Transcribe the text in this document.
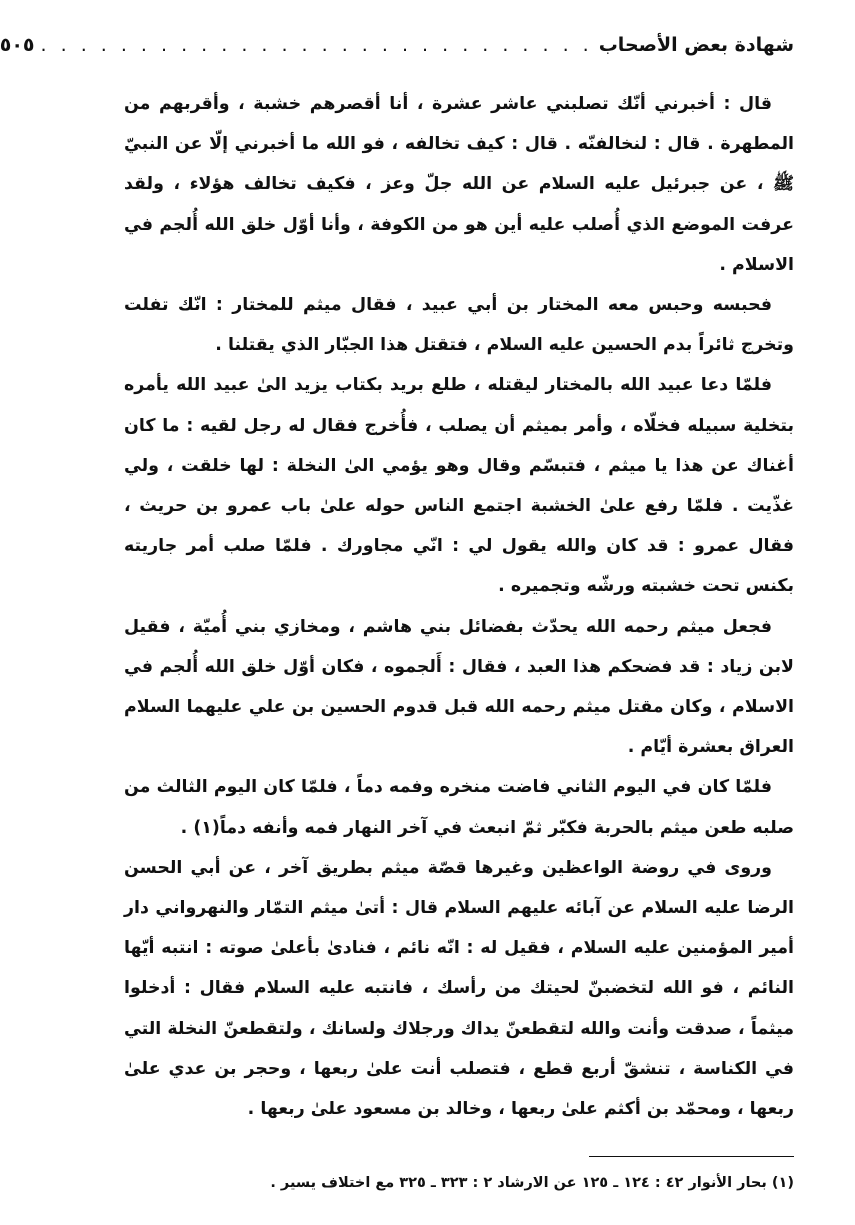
شهادة بعض الأصحاب
. . . . . . . . . . . . . . . . . . . . . . . . . . . .
٥٠٥

قال : أخبرني أنّك تصلبني عاشر عشرة ، أنا أقصرهم خشبة ، وأقربهم من المطهرة . قال : لنخالفنّه . قال : كيف تخالفه ، فو الله ما أخبرني إلّا عن النبيّ ﷺ ، عن جبرئيل عليه السلام عن الله جلّ وعز ، فكيف تخالف هؤلاء ، ولقد عرفت الموضع الذي أُصلب عليه أين هو من الكوفة ، وأنا أوّل خلق الله أُلجم في الاسلام .

فحبسه وحبس معه المختار بن أبي عبيد ، فقال ميثم للمختار : انّك تفلت وتخرج ثائراً بدم الحسين عليه السلام ، فتقتل هذا الجبّار الذي يقتلنا .

فلمّا دعا عبيد الله بالمختار ليقتله ، طلع بريد بكتاب يزيد الىٰ عبيد الله يأمره بتخلية سبيله فخلّاه ، وأمر بميثم أن يصلب ، فأُخرج فقال له رجل لقيه : ما كان أغناك عن هذا يا ميثم ، فتبسّم وقال وهو يؤمي الىٰ النخلة : لها خلقت ، ولي غذّيت . فلمّا رفع علىٰ الخشبة اجتمع الناس حوله علىٰ باب عمرو بن حريث ، فقال عمرو : قد كان والله يقول لي : انّي مجاورك . فلمّا صلب أمر جاريته بكنس تحت خشبته ورشّه وتجميره .

فجعل ميثم رحمه الله يحدّث بفضائل بني هاشم ، ومخازي بني أُميّة ، فقيل لابن زياد : قد فضحكم هذا العبد ، فقال : أَلجموه ، فكان أوّل خلق الله أُلجم في الاسلام ، وكان مقتل ميثم رحمه الله قبل قدوم الحسين بن علي عليهما السلام العراق بعشرة أيّام .

فلمّا كان في اليوم الثاني فاضت منخره وفمه دماً ، فلمّا كان اليوم الثالث من صلبه طعن ميثم بالحربة فكبّر ثمّ انبعث في آخر النهار فمه وأنفه دماً(١) .

وروى في روضة الواعظين وغيرها قصّة ميثم بطريق آخر ، عن أبي الحسن الرضا عليه السلام عن آبائه عليهم السلام قال : أتىٰ ميثم التمّار والنهرواني دار أمير المؤمنين عليه السلام ، فقيل له : انّه نائم ، فنادىٰ بأعلىٰ صوته : انتبه أيّها النائم ، فو الله لتخضبنّ لحيتك من رأسك ، فانتبه عليه السلام فقال : أدخلوا ميثماً ، صدقت وأنت والله لتقطعنّ يداك ورجلاك ولسانك ، ولتقطعنّ النخلة التي في الكناسة ، تنشقّ أربع قطع ، فتصلب أنت علىٰ ربعها ، وحجر بن عدي علىٰ ربعها ، ومحمّد بن أكثم علىٰ ربعها ، وخالد بن مسعود علىٰ ربعها .

(١) بحار الأنوار ٤٢ : ١٢٤ ـ ١٢٥ عن الارشاد ٢ : ٣٢٣ ـ ٣٢٥ مع اختلاف يسير .
